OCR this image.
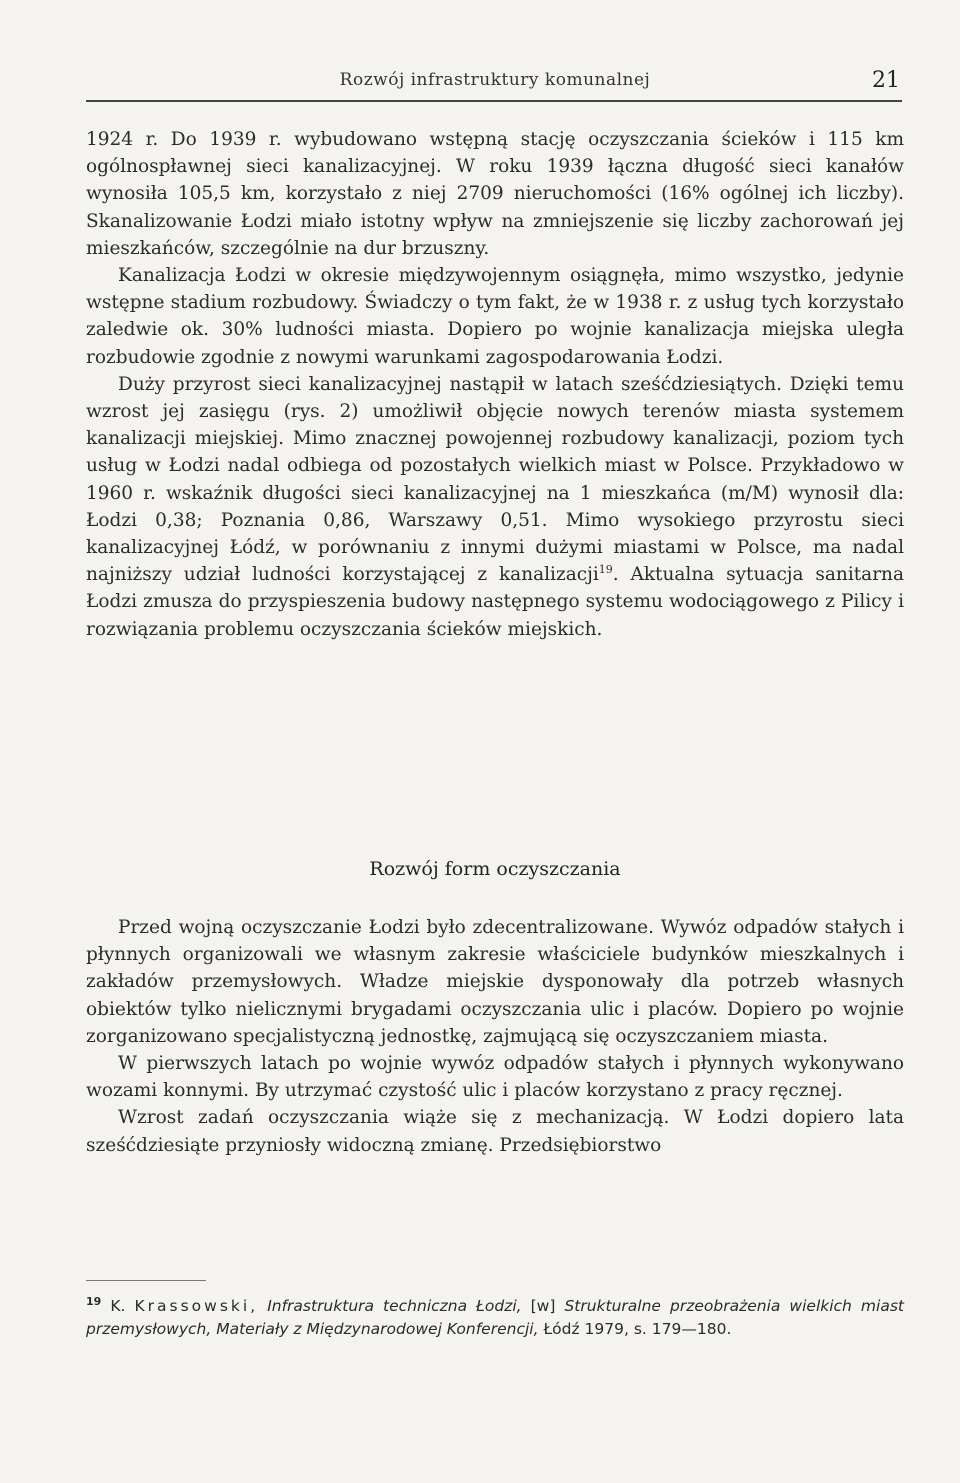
Rozwój infrastruktury komunalnej	21

1924 r. Do 1939 r. wybudowano wstępną stację oczyszczania ścieków i 115 km ogólnospławnej sieci kanalizacyjnej. W roku 1939 łączna długość sieci kanałów wynosiła 105,5 km, korzystało z niej 2709 nieruchomości (16% ogólnej ich liczby). Skanalizowanie Łodzi miało istotny wpływ na zmniejszenie się liczby zachorowań jej mieszkańców, szczególnie na dur brzuszny.

Kanalizacja Łodzi w okresie międzywojennym osiągnęła, mimo wszystko, jedynie wstępne stadium rozbudowy. Świadczy o tym fakt, że w 1938 r. z usług tych korzystało zaledwie ok. 30% ludności miasta. Dopiero po wojnie kanalizacja miejska uległa rozbudowie zgodnie z nowymi warunkami zagospodarowania Łodzi.

Duży przyrost sieci kanalizacyjnej nastąpił w latach sześćdziesiątych. Dzięki temu wzrost jej zasięgu (rys. 2) umożliwił objęcie nowych terenów miasta systemem kanalizacji miejskiej. Mimo znacznej powojennej rozbudowy kanalizacji, poziom tych usług w Łodzi nadal odbiega od pozostałych wielkich miast w Polsce. Przykładowo w 1960 r. wskaźnik długości sieci kanalizacyjnej na 1 mieszkańca (m/M) wynosił dla: Łodzi 0,38; Poznania 0,86, Warszawy 0,51. Mimo wysokiego przyrostu sieci kanalizacyjnej Łódź, w porównaniu z innymi dużymi miastami w Polsce, ma nadal najniższy udział ludności korzystającej z kanalizacji$^{19}$. Aktualna sytuacja sanitarna Łodzi zmusza do przyspieszenia budowy następnego systemu wodociągowego z Pilicy i rozwiązania problemu oczyszczania ścieków miejskich.

Rozwój form oczyszczania

Przed wojną oczyszczanie Łodzi było zdecentralizowane. Wywóz odpadów stałych i płynnych organizowali we własnym zakresie właściciele budynków mieszkalnych i zakładów przemysłowych. Władze miejskie dysponowały dla potrzeb własnych obiektów tylko nielicznymi brygadami oczyszczania ulic i placów. Dopiero po wojnie zorganizowano specjalistyczną jednostkę, zajmującą się oczyszczaniem miasta.

W pierwszych latach po wojnie wywóz odpadów stałych i płynnych wykonywano wozami konnymi. By utrzymać czystość ulic i placów korzystano z pracy ręcznej.

Wzrost zadań oczyszczania wiąże się z mechanizacją. W Łodzi dopiero lata sześćdziesiąte przyniosły widoczną zmianę. Przedsiębiorstwo

$^{19}$ K. Krassowski, Infrastruktura techniczna Łodzi, [w] Strukturalne przeobrażenia wielkich miast przemysłowych, Materiały z Międzynarodowej Konferencji, Łódź 1979, s. 179—180.
